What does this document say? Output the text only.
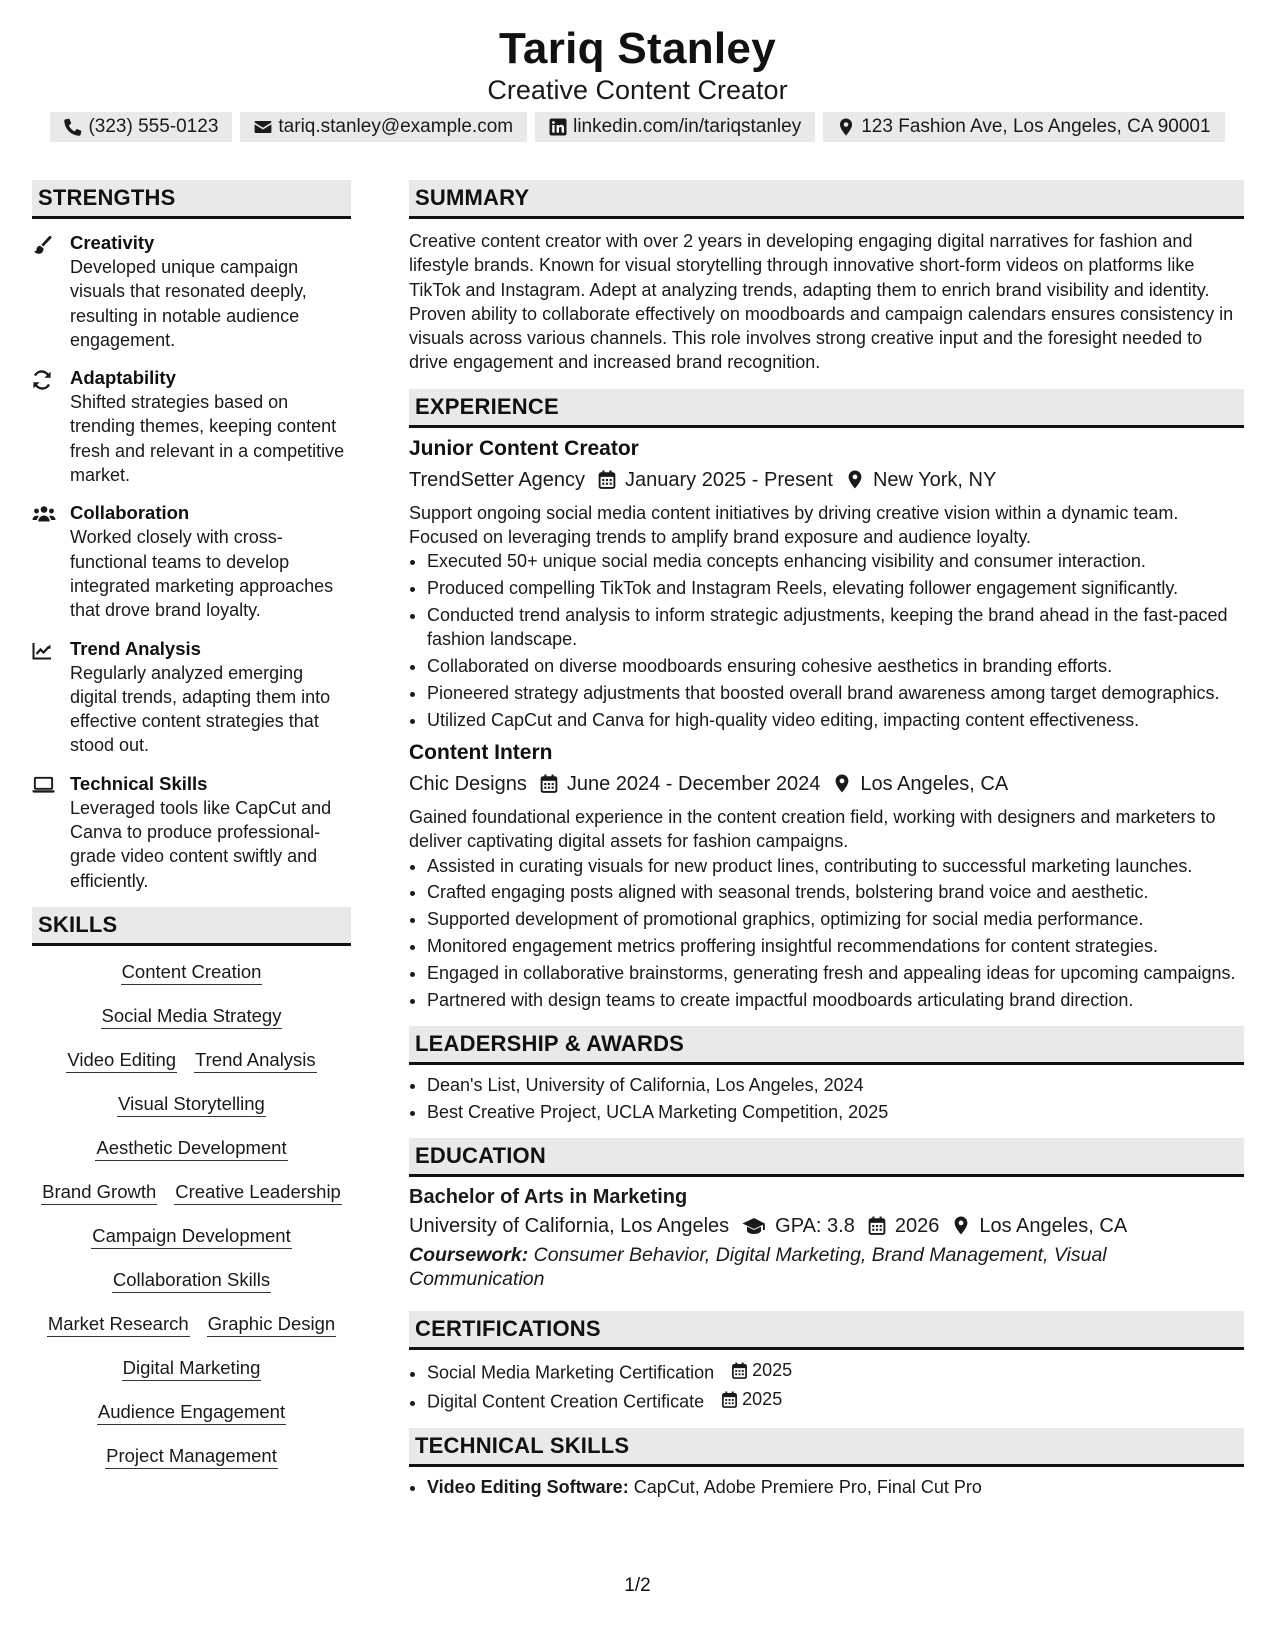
Tariq Stanley
Creative Content Creator
(323) 555-0123	tariq.stanley@example.com	linkedin.com/in/tariqstanley	123 Fashion Ave, Los Angeles, CA 90001
STRENGTHS
Creativity
Developed unique campaign visuals that resonated deeply, resulting in notable audience engagement.
Adaptability
Shifted strategies based on trending themes, keeping content fresh and relevant in a competitive market.
Collaboration
Worked closely with cross-functional teams to develop integrated marketing approaches that drove brand loyalty.
Trend Analysis
Regularly analyzed emerging digital trends, adapting them into effective content strategies that stood out.
Technical Skills
Leveraged tools like CapCut and Canva to produce professional-grade video content swiftly and efficiently.
SKILLS
Content Creation
Social Media Strategy
Video Editing Trend Analysis
Visual Storytelling
Aesthetic Development
Brand Growth Creative Leadership
Campaign Development
Collaboration Skills
Market Research Graphic Design
Digital Marketing
Audience Engagement
Project Management
SUMMARY
Creative content creator with over 2 years in developing engaging digital narratives for fashion and lifestyle brands. Known for visual storytelling through innovative short-form videos on platforms like TikTok and Instagram. Adept at analyzing trends, adapting them to enrich brand visibility and identity. Proven ability to collaborate effectively on moodboards and campaign calendars ensures consistency in visuals across various channels. This role involves strong creative input and the foresight needed to drive engagement and increased brand recognition.
EXPERIENCE
Junior Content Creator
TrendSetter Agency January 2025 - Present New York, NY
Support ongoing social media content initiatives by driving creative vision within a dynamic team. Focused on leveraging trends to amplify brand exposure and audience loyalty.
• Executed 50+ unique social media concepts enhancing visibility and consumer interaction.
• Produced compelling TikTok and Instagram Reels, elevating follower engagement significantly.
• Conducted trend analysis to inform strategic adjustments, keeping the brand ahead in the fast-paced fashion landscape.
• Collaborated on diverse moodboards ensuring cohesive aesthetics in branding efforts.
• Pioneered strategy adjustments that boosted overall brand awareness among target demographics.
• Utilized CapCut and Canva for high-quality video editing, impacting content effectiveness.
Content Intern
Chic Designs June 2024 - December 2024 Los Angeles, CA
Gained foundational experience in the content creation field, working with designers and marketers to deliver captivating digital assets for fashion campaigns.
• Assisted in curating visuals for new product lines, contributing to successful marketing launches.
• Crafted engaging posts aligned with seasonal trends, bolstering brand voice and aesthetic.
• Supported development of promotional graphics, optimizing for social media performance.
• Monitored engagement metrics proffering insightful recommendations for content strategies.
• Engaged in collaborative brainstorms, generating fresh and appealing ideas for upcoming campaigns.
• Partnered with design teams to create impactful moodboards articulating brand direction.
LEADERSHIP & AWARDS
• Dean's List, University of California, Los Angeles, 2024
• Best Creative Project, UCLA Marketing Competition, 2025
EDUCATION
Bachelor of Arts in Marketing
University of California, Los Angeles GPA: 3.8 2026 Los Angeles, CA
Coursework: Consumer Behavior, Digital Marketing, Brand Management, Visual Communication
CERTIFICATIONS
• Social Media Marketing Certification 2025
• Digital Content Creation Certificate 2025
TECHNICAL SKILLS
• Video Editing Software: CapCut, Adobe Premiere Pro, Final Cut Pro
1/2
